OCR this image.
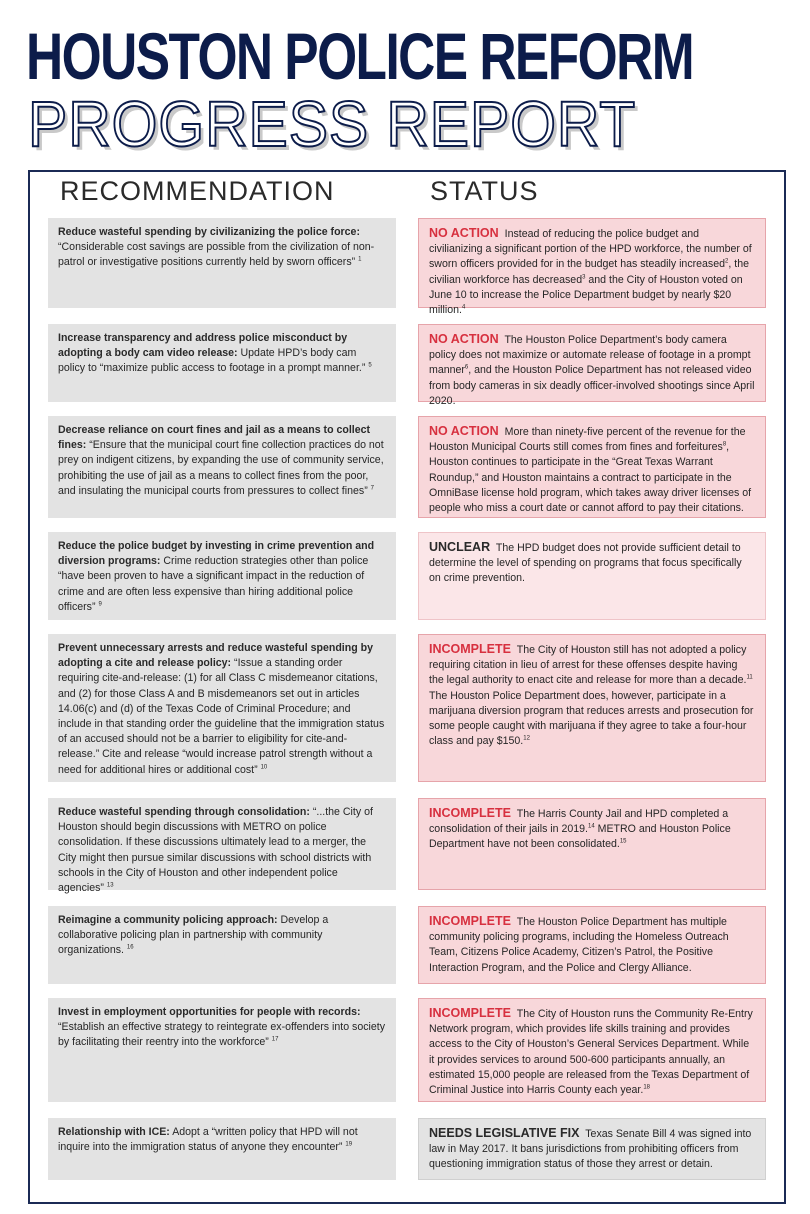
HOUSTON POLICE REFORM
PROGRESS REPORT
RECOMMENDATION	STATUS
Reduce wasteful spending by civilizanizing the police force: “Considerable cost savings are possible from the civilization of non-patrol or investigative positions currently held by sworn officers” $^1$
NO ACTION Instead of reducing the police budget and civilianizing a significant portion of the HPD workforce, the number of sworn officers provided for in the budget has steadily increased$^2$, the civilian workforce has decreased$^3$ and the City of Houston voted on June 10 to increase the Police Department budget by nearly $20 million.$^4$
Increase transparency and address police misconduct by adopting a body cam video release: Update HPD’s body cam policy to “maximize public access to footage in a prompt manner.” $^5$
NO ACTION The Houston Police Department’s body camera policy does not maximize or automate release of footage in a prompt manner$^6$, and the Houston Police Department has not released video from body cameras in six deadly officer-involved shootings since April 2020.
Decrease reliance on court fines and jail as a means to collect fines: “Ensure that the municipal court fine collection practices do not prey on indigent citizens, by expanding the use of community service, prohibiting the use of jail as a means to collect fines from the poor, and insulating the municipal courts from pressures to collect fines” $^7$
NO ACTION More than ninety-five percent of the revenue for the Houston Municipal Courts still comes from fines and forfeitures$^8$, Houston continues to participate in the “Great Texas Warrant Roundup,” and Houston maintains a contract to participate in the OmniBase license hold program, which takes away driver licenses of people who miss a court date or cannot afford to pay their citations.
Reduce the police budget by investing in crime prevention and diversion programs: Crime reduction strategies other than police “have been proven to have a significant impact in the reduction of crime and are often less expensive than hiring additional police officers” $^9$
UNCLEAR The HPD budget does not provide sufficient detail to determine the level of spending on programs that focus specifically on crime prevention.
Prevent unnecessary arrests and reduce wasteful spending by adopting a cite and release policy: “Issue a standing order requiring cite-and-release: (1) for all Class C misdemeanor citations, and (2) for those Class A and B misdemeanors set out in articles 14.06(c) and (d) of the Texas Code of Criminal Procedure; and include in that standing order the guideline that the immigration status of an accused should not be a barrier to eligibility for cite-and-release.” Cite and release “would increase patrol strength without a need for additional hires or additional cost” $^{10}$
INCOMPLETE The City of Houston still has not adopted a policy requiring citation in lieu of arrest for these offenses despite having the legal authority to enact cite and release for more than a decade.$^{11}$ The Houston Police Department does, however, participate in a marijuana diversion program that reduces arrests and prosecution for some people caught with marijuana if they agree to take a four-hour class and pay $150.12
Reduce wasteful spending through consolidation: “...the City of Houston should begin discussions with METRO on police consolidation. If these discussions ultimately lead to a merger, the City might then pursue similar discussions with school districts with schools in the City of Houston and other independent police agencies” $^{13}$
INCOMPLETE The Harris County Jail and HPD completed a consolidation of their jails in 2019.14 METRO and Houston Police Department have not been consolidated.$^{15}$
Reimagine a community policing approach: Develop a collaborative policing plan in partnership with community organizations. $^{16}$
INCOMPLETE The Houston Police Department has multiple community policing programs, including the Homeless Outreach Team, Citizens Police Academy, Citizen’s Patrol, the Positive Interaction Program, and the Police and Clergy Alliance.
Invest in employment opportunities for people with records: “Establish an effective strategy to reintegrate ex-offenders into society by facilitating their reentry into the workforce” $^{17}$
INCOMPLETE The City of Houston runs the Community Re-Entry Network program, which provides life skills training and provides access to the City of Houston’s General Services Department. While it provides services to around 500-600 participants annually, an estimated 15,000 people are released from the Texas Department of Criminal Justice into Harris County each year.$^{18}$
Relationship with ICE: Adopt a “written policy that HPD will not inquire into the immigration status of anyone they encounter” $^{19}$
NEEDS LEGISLATIVE FIX Texas Senate Bill 4 was signed into law in May 2017. It bans jurisdictions from prohibiting officers from questioning immigration status of those they arrest or detain.
